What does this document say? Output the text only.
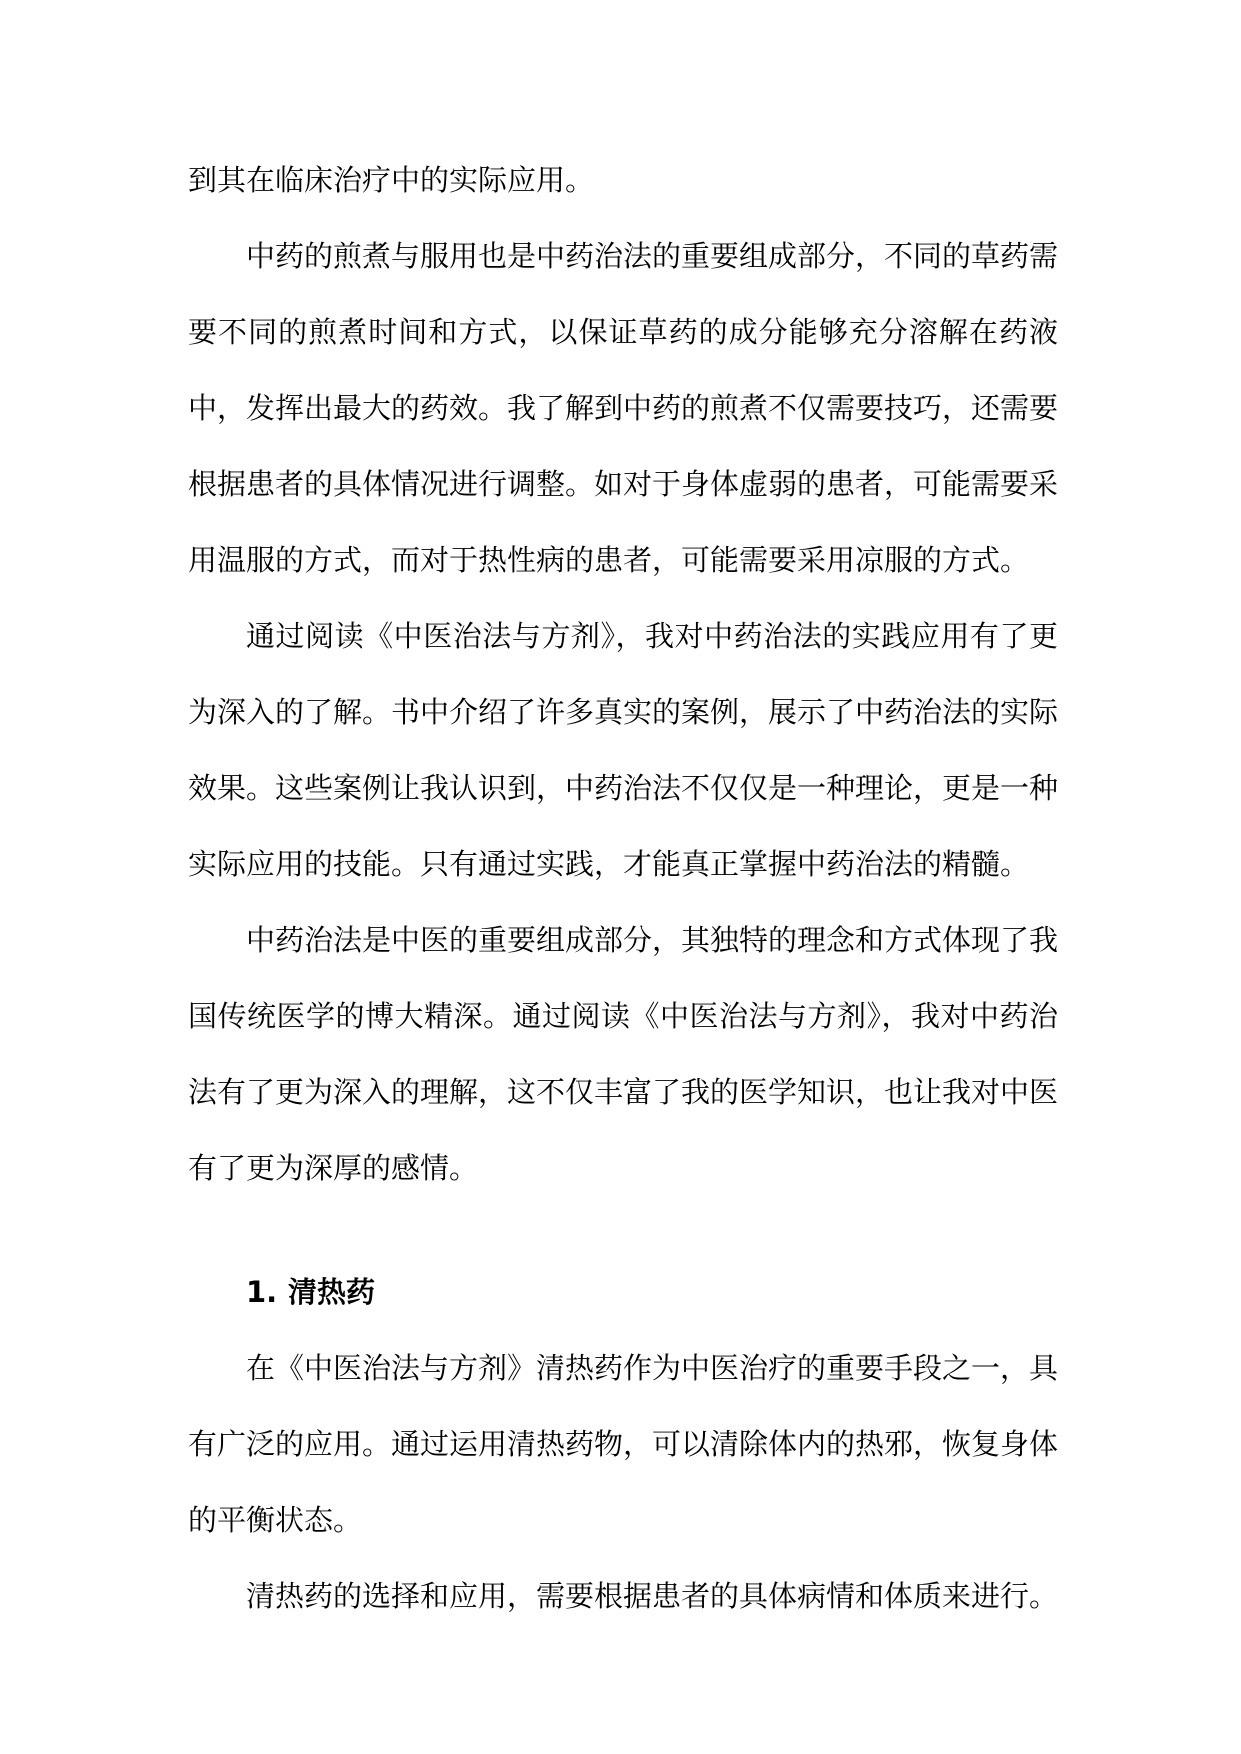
到其在临床治疗中的实际应用。

中药的煎煮与服用也是中药治法的重要组成部分，不同的草药需要不同的煎煮时间和方式，以保证草药的成分能够充分溶解在药液中，发挥出最大的药效。我了解到中药的煎煮不仅需要技巧，还需要根据患者的具体情况进行调整。如对于身体虚弱的患者，可能需要采用温服的方式，而对于热性病的患者，可能需要采用凉服的方式。

通过阅读《中医治法与方剂》，我对中药治法的实践应用有了更为深入的了解。书中介绍了许多真实的案例，展示了中药治法的实际效果。这些案例让我认识到，中药治法不仅仅是一种理论，更是一种实际应用的技能。只有通过实践，才能真正掌握中药治法的精髓。

中药治法是中医的重要组成部分，其独特的理念和方式体现了我国传统医学的博大精深。通过阅读《中医治法与方剂》，我对中药治法有了更为深入的理解，这不仅丰富了我的医学知识，也让我对中医有了更为深厚的感情。

1. 清热药

在《中医治法与方剂》清热药作为中医治疗的重要手段之一，具有广泛的应用。通过运用清热药物，可以清除体内的热邪，恢复身体的平衡状态。

清热药的选择和应用，需要根据患者的具体病情和体质来进行。
